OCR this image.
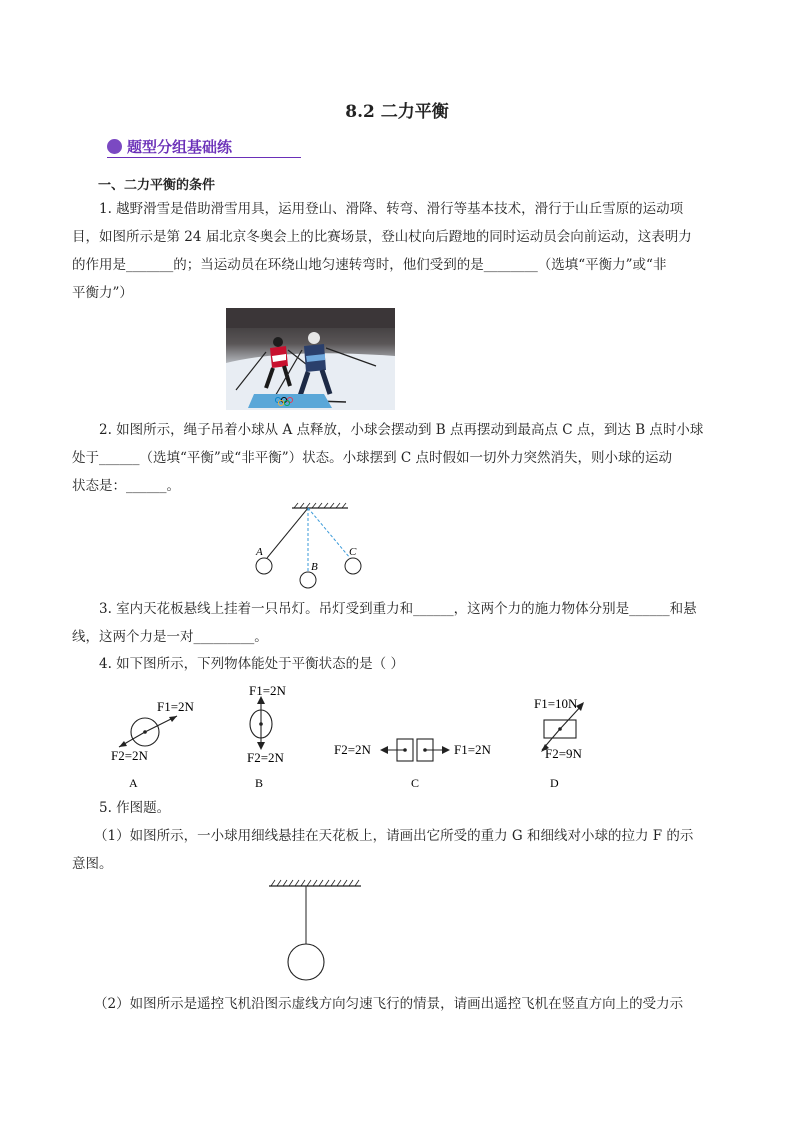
8.2 二力平衡
题型分组基础练
一、二力平衡的条件
1. 越野滑雪是借助滑雪用具，运用登山、滑降、转弯、滑行等基本技术，滑行于山丘雪原的运动项
目，如图所示是第 24 届北京冬奥会上的比赛场景，登山杖向后蹬地的同时运动员会向前运动，这表明力
的作用是_______的；当运动员在环绕山地匀速转弯时，他们受到的是________（选填“平衡力”或“非
平衡力”）
2. 如图所示，绳子吊着小球从 A 点释放，小球会摆动到 B 点再摆动到最高点 C 点，到达 B 点时小球
处于______（选填“平衡”或“非平衡”）状态。小球摆到 C 点时假如一切外力突然消失，则小球的运动
状态是：______。
A
B
C
3. 室内天花板悬线上挂着一只吊灯。吊灯受到重力和______，这两个力的施力物体分别是______和悬
线，这两个力是一对_________。
4. 如下图所示，下列物体能处于平衡状态的是（ ）
F1=2N
F2=2N
A
F1=2N
F2=2N
B
F2=2N	F1=2N
C
F1=10N
F2=9N
D
5. 作图题。
（1）如图所示，一小球用细线悬挂在天花板上，请画出它所受的重力 G 和细线对小球的拉力 F 的示
意图。
（2）如图所示是遥控飞机沿图示虚线方向匀速飞行的情景，请画出遥控飞机在竖直方向上的受力示
